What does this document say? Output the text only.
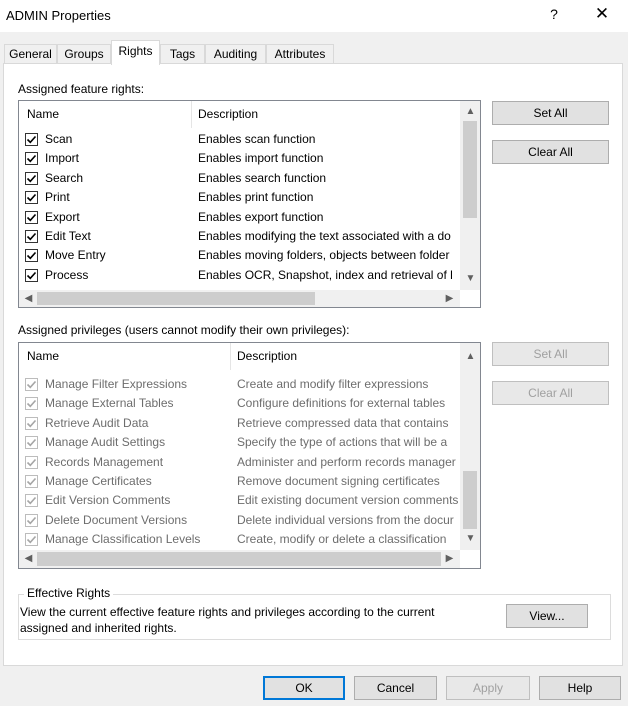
ADMIN Properties	? ✕
General	Groups	Rights	Tags	Auditing	Attributes
Assigned feature rights:
Name	Description
Scan	Enables scan function
Import	Enables import function
Search	Enables search function
Print	Enables print function
Export	Enables export function
Edit Text	Enables modifying the text associated with a do
Move Entry	Enables moving folders, objects between folder
Process	Enables OCR, Snapshot, index and retrieval of l
▲
▼
◀	▶
Set All
Clear All
Assigned privileges (users cannot modify their own privileges):
Name	Description
Manage Filter Expressions	Create and modify filter expressions
Manage External Tables	Configure definitions for external tables
Retrieve Audit Data	Retrieve compressed data that contains
Manage Audit Settings	Specify the type of actions that will be a
Records Management	Administer and perform records manager
Manage Certificates	Remove document signing certificates
Edit Version Comments	Edit existing document version comments
Delete Document Versions	Delete individual versions from the docur
Manage Classification Levels	Create, modify or delete a classification
▲
▼
◀	▶
Set All
Clear All
Effective Rights
View the current effective feature rights and privileges according to the current
assigned and inherited rights.
View...
OK	Cancel	Apply	Help
